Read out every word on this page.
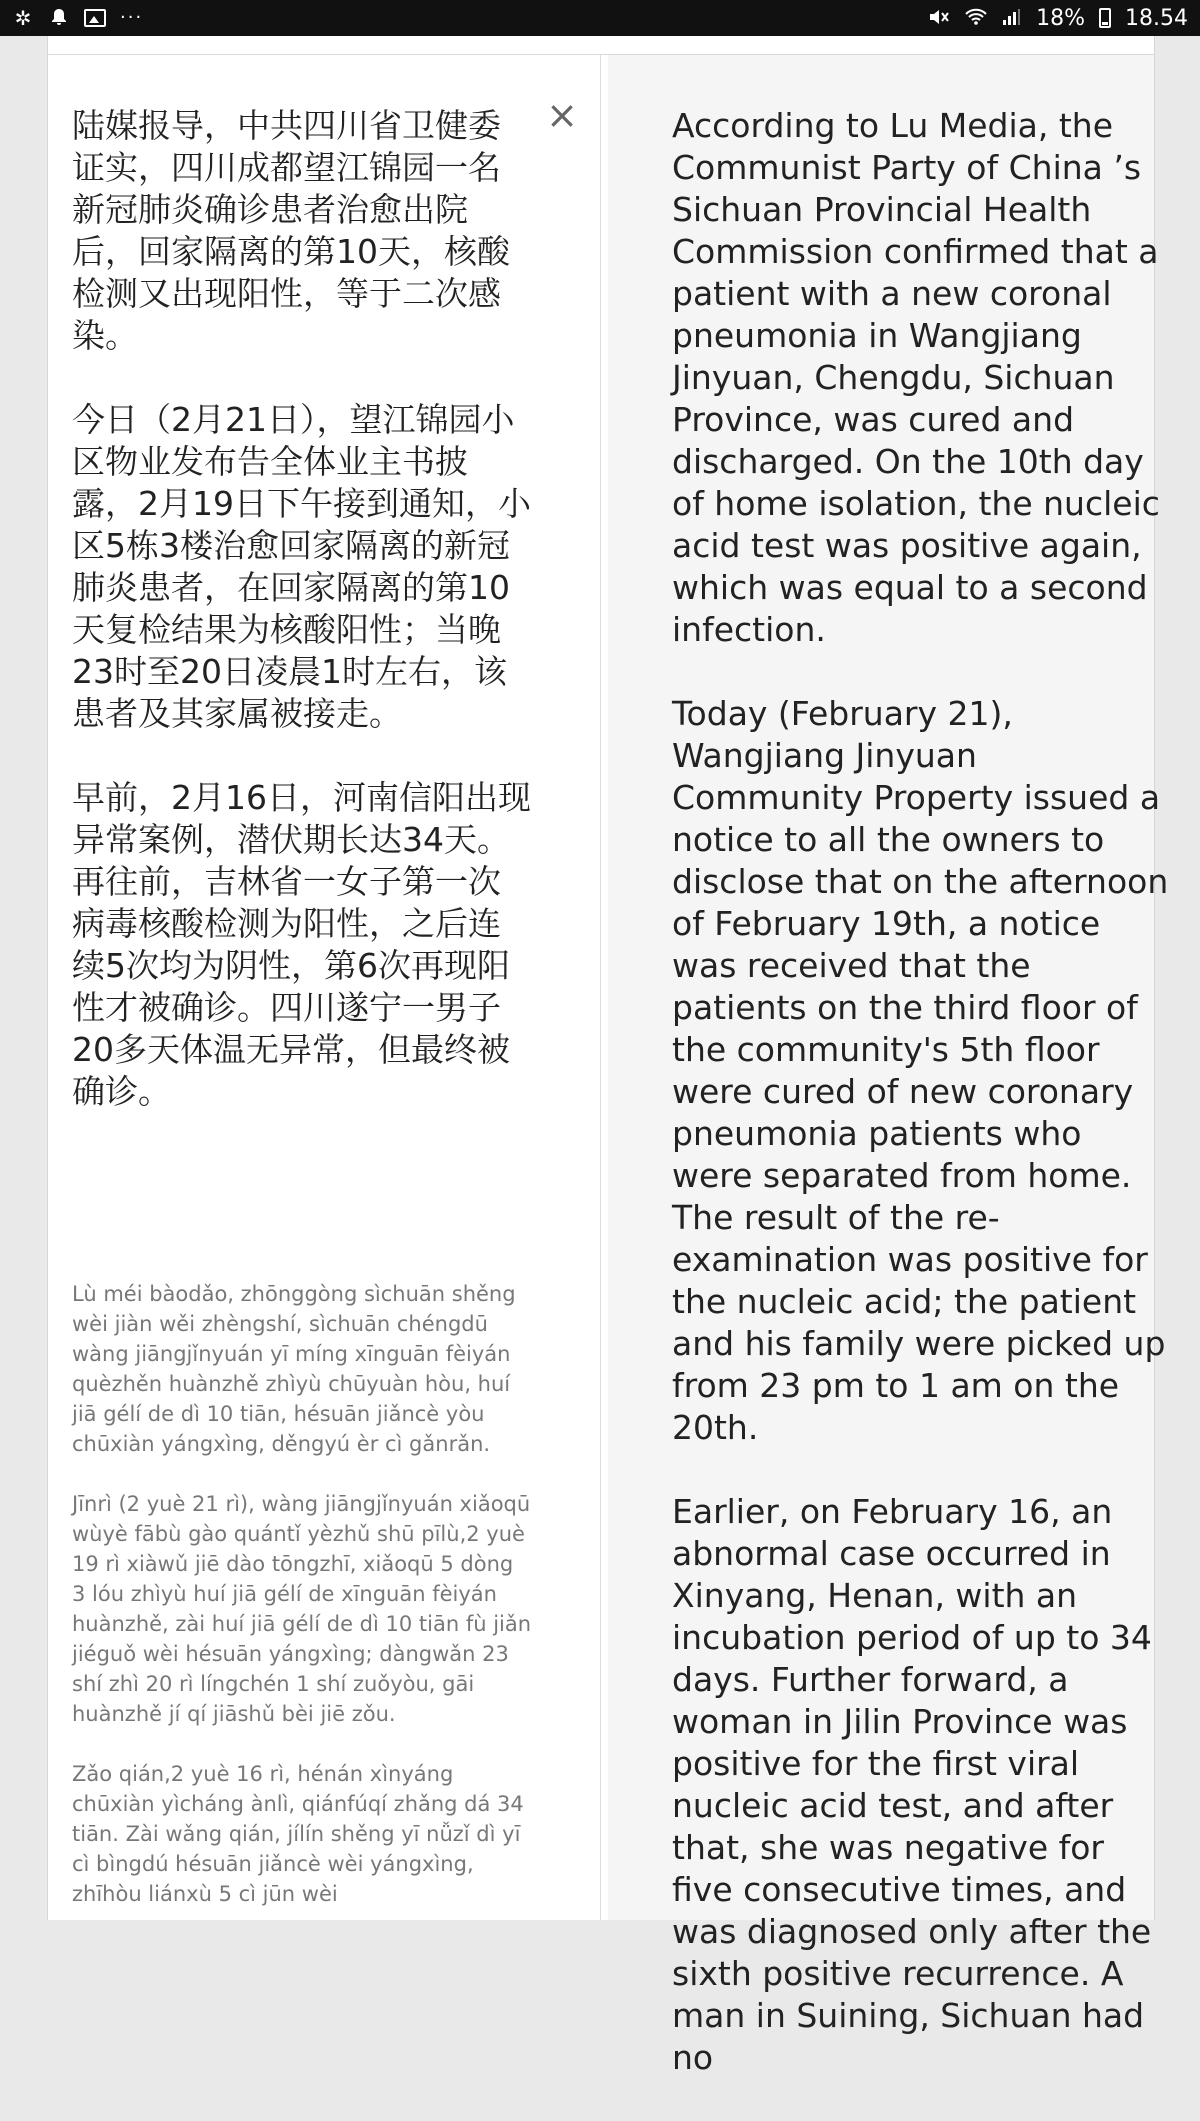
✲	···	18% 18.54

陆媒报导，中共四川省卫健委证实，四川成都望江锦园一名新冠肺炎确诊患者治愈出院后，回家隔离的第10天，核酸检测又出现阳性，等于二次感染。

今日（2月21日），望江锦园小区物业发布告全体业主书披露，2月19日下午接到通知，小区5栋3楼治愈回家隔离的新冠肺炎患者，在回家隔离的第10天复检结果为核酸阳性；当晚23时至20日凌晨1时左右，该患者及其家属被接走。

早前，2月16日，河南信阳出现异常案例，潜伏期长达34天。再往前，吉林省一女子第一次病毒核酸检测为阳性，之后连续5次均为阴性，第6次再现阳性才被确诊。四川遂宁一男子20多天体温无异常，但最终被确诊。

×

Lù méi bàodǎo, zhōnggòng sìchuān shěng wèi jiàn wěi zhèngshí, sìchuān chéngdū wàng jiāngjǐnyuán yī míng xīnguān fèiyán quèzhěn huànzhě zhìyù chūyuàn hòu, huí jiā gélí de dì 10 tiān, hésuān jiǎncè yòu chūxiàn yángxìng, děngyú èr cì gǎnrǎn.

Jīnrì (2 yuè 21 rì), wàng jiāngjǐnyuán xiǎoqū wùyè fābù gào quántǐ yèzhǔ shū pīlù,2 yuè 19 rì xiàwǔ jiē dào tōngzhī, xiǎoqū 5 dòng 3 lóu zhìyù huí jiā gélí de xīnguān fèiyán huànzhě, zài huí jiā gélí de dì 10 tiān fù jiǎn jiéguǒ wèi hésuān yángxìng; dàngwǎn 23 shí zhì 20 rì língchén 1 shí zuǒyòu, gāi huànzhě jí qí jiāshǔ bèi jiē zǒu.

Zǎo qián,2 yuè 16 rì, hénán xìnyáng chūxiàn yìcháng ànlì, qiánfúqí zhǎng dá 34 tiān. Zài wǎng qián, jílín shěng yī nǚzǐ dì yī cì bìngdú hésuān jiǎncè wèi yángxìng, zhīhòu liánxù 5 cì jūn wèi

According to Lu Media, the Communist Party of China ’s Sichuan Provincial Health Commission confirmed that a patient with a new coronal pneumonia in Wangjiang Jinyuan, Chengdu, Sichuan Province, was cured and discharged. On the 10th day of home isolation, the nucleic acid test was positive again, which was equal to a second infection.

Today (February 21), Wangjiang Jinyuan Community Property issued a notice to all the owners to disclose that on the afternoon of February 19th, a notice was received that the patients on the third floor of the community's 5th floor were cured of new coronary pneumonia patients who were separated from home. The result of the re-examination was positive for the nucleic acid; the patient and his family were picked up from 23 pm to 1 am on the 20th.

Earlier, on February 16, an abnormal case occurred in Xinyang, Henan, with an incubation period of up to 34 days. Further forward, a woman in Jilin Province was positive for the first viral nucleic acid test, and after that, she was negative for five consecutive times, and was diagnosed only after the sixth positive recurrence. A man in Suining, Sichuan had no
